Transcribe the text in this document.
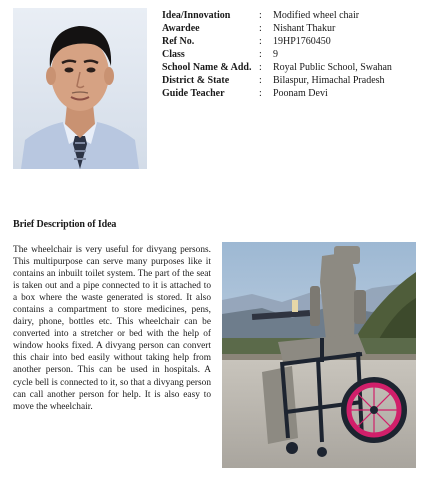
Idea/Innovation	:	Modified wheel chair
Awardee	:	Nishant Thakur
Ref No.	:	19HP1760450
Class	:	9
School Name & Add.	:	Royal Public School, Swahan
District & State	:	Bilaspur, Himachal Pradesh
Guide Teacher	:	Poonam Devi
Brief Description of Idea

The wheelchair is very useful for divyang persons. This multipurpose can serve many purposes like it contains an inbuilt toilet system. The part of the seat is taken out and a pipe connected to it is attached to a box where the waste generated is stored. It also contains a compartment to store medicines, pens, dairy, phone, bottles etc. This wheelchair can be converted into a stretcher or bed with the help of window hooks fixed. A divyang person can convert this chair into bed easily without taking help from another person. This can be used in hospitals. A cycle bell is connected to it, so that a divyang person can call another person for help. It is also easy to move the wheelchair.
